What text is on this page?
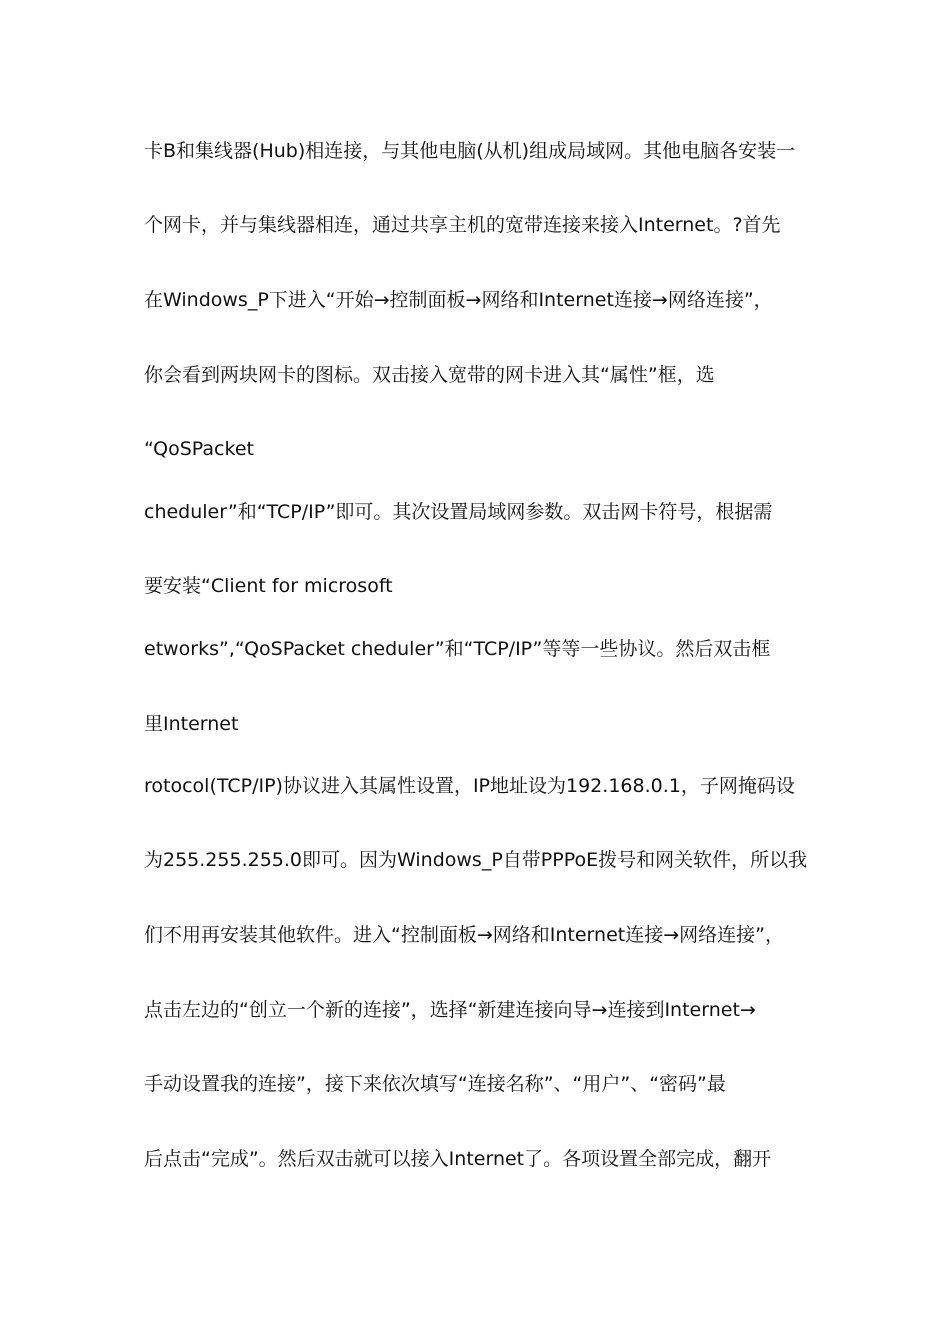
卡B和集线器(Hub)相连接，与其他电脑(从机)组成局域网。其他电脑各安装一
个网卡，并与集线器相连，通过共享主机的宽带连接来接入Internet。?首先
在Windows_P下进入“开始→控制面板→网络和Internet连接→网络连接”，
你会看到两块网卡的图标。双击接入宽带的网卡进入其“属性”框，选
“QoSPacket
cheduler”和“TCP/IP”即可。其次设置局域网参数。双击网卡符号，根据需
要安装“Client for microsoft
etworks”,“QoSPacket cheduler”和“TCP/IP”等等一些协议。然后双击框
里Internet
rotocol(TCP/IP)协议进入其属性设置，IP地址设为192.168.0.1，子网掩码设
为255.255.255.0即可。因为Windows_P自带PPPoE拨号和网关软件，所以我
们不用再安装其他软件。进入“控制面板→网络和Internet连接→网络连接”，
点击左边的“创立一个新的连接”，选择“新建连接向导→连接到Internet→
手动设置我的连接”，接下来依次填写“连接名称”、“用户”、“密码”最
后点击“完成”。然后双击就可以接入Internet了。各项设置全部完成，翻开
